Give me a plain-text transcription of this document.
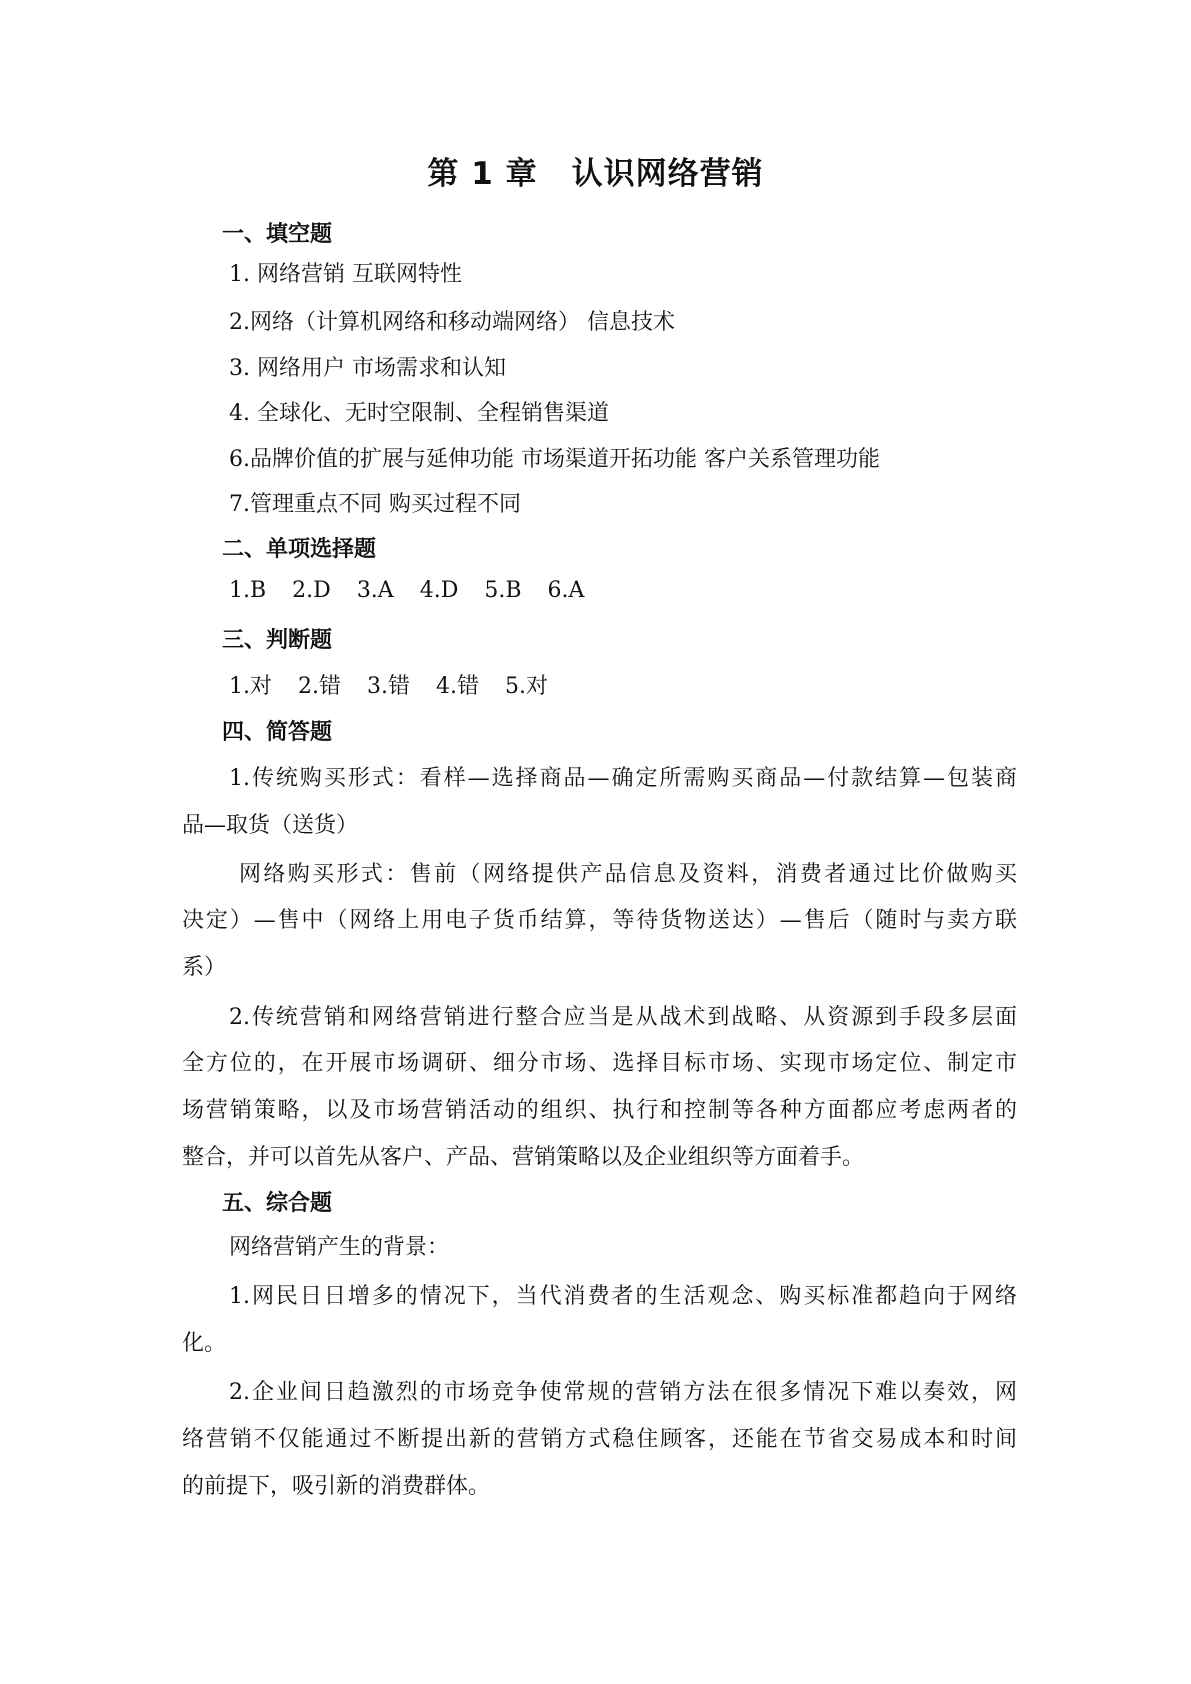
第 1 章 认识网络营销
一、填空题
1. 网络营销 互联网特性
2.网络（计算机网络和移动端网络） 信息技术
3. 网络用户 市场需求和认知
4. 全球化、无时空限制、全程销售渠道
6.品牌价值的扩展与延伸功能 市场渠道开拓功能 客户关系管理功能
7.管理重点不同 购买过程不同
二、单项选择题
1.B 2.D 3.A 4.D 5.B 6.A
三、判断题
1.对 2.错 3.错 4.错 5.对
四、简答题
1.传统购买形式：看样—选择商品—确定所需购买商品—付款结算—包装商
品—取货（送货）
网络购买形式：售前（网络提供产品信息及资料，消费者通过比价做购买
决定）—售中（网络上用电子货币结算，等待货物送达）—售后（随时与卖方联
系）
2.传统营销和网络营销进行整合应当是从战术到战略、从资源到手段多层面
全方位的，在开展市场调研、细分市场、选择目标市场、实现市场定位、制定市
场营销策略，以及市场营销活动的组织、执行和控制等各种方面都应考虑两者的
整合，并可以首先从客户、产品、营销策略以及企业组织等方面着手。
五、综合题
网络营销产生的背景：
1.网民日日增多的情况下，当代消费者的生活观念、购买标准都趋向于网络
化。
2.企业间日趋激烈的市场竞争使常规的营销方法在很多情况下难以奏效，网
络营销不仅能通过不断提出新的营销方式稳住顾客，还能在节省交易成本和时间
的前提下，吸引新的消费群体。
